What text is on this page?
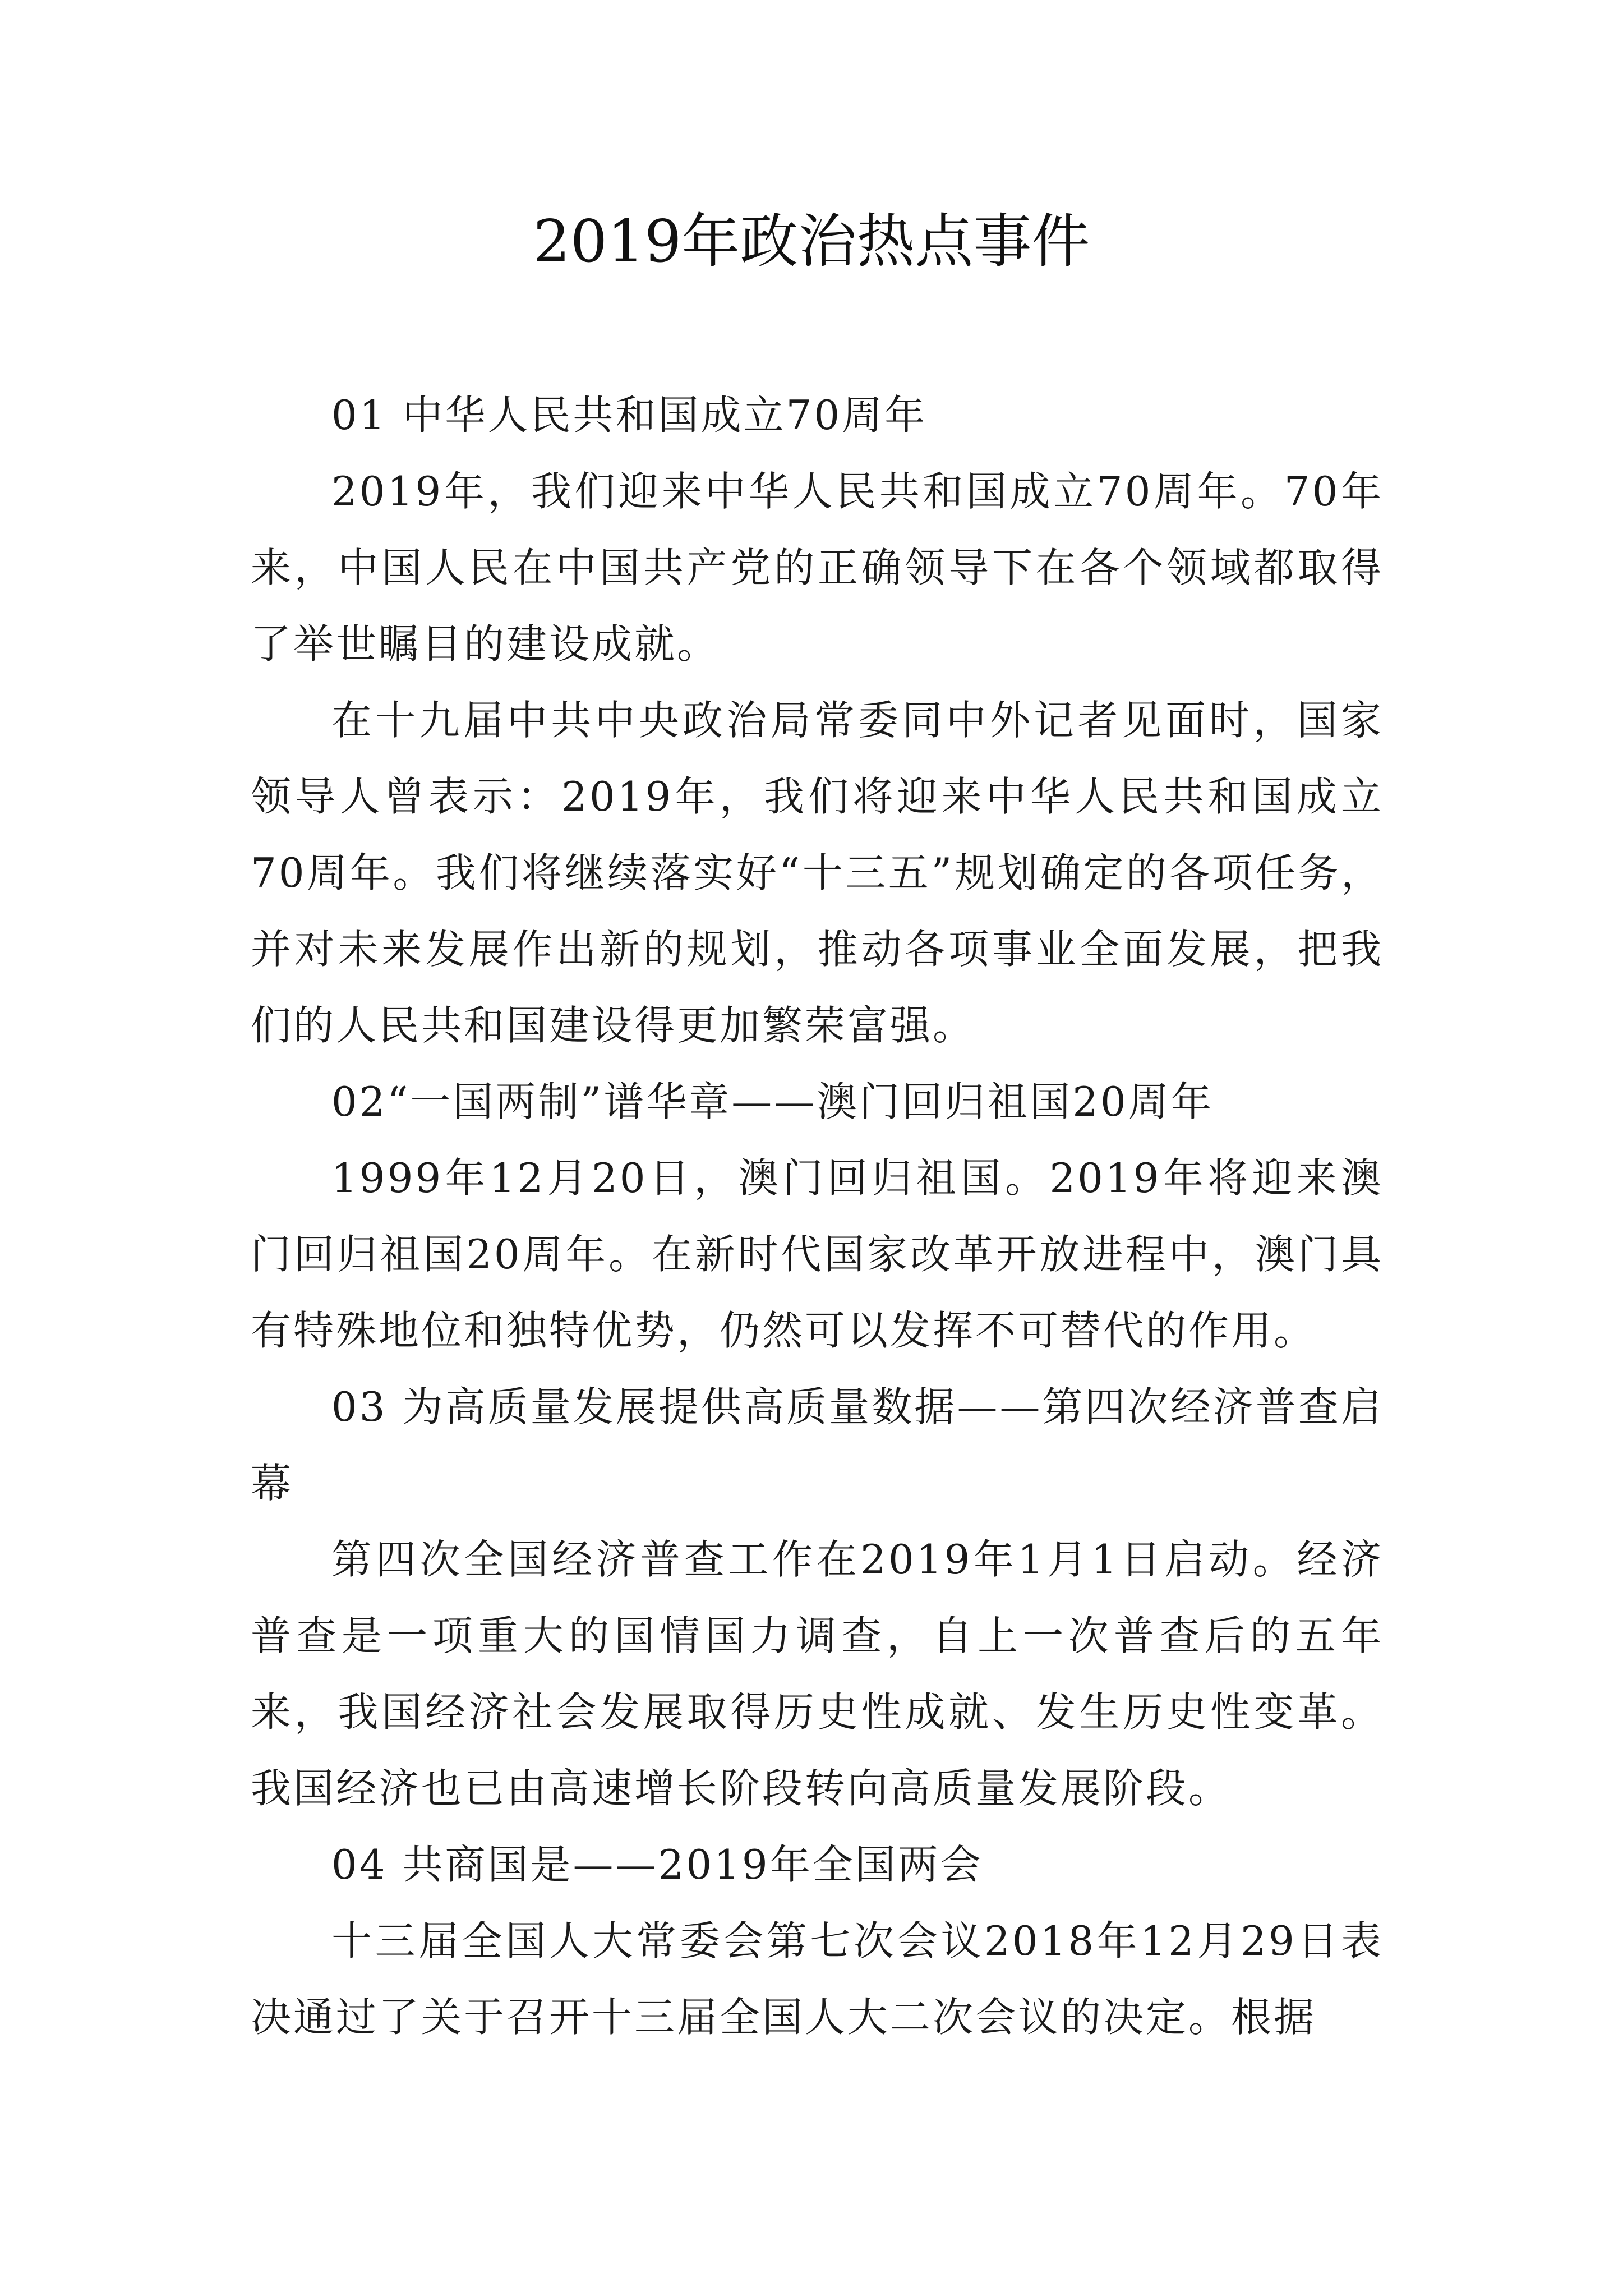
2019年政治热点事件

01 中华人民共和国成立70周年

2019年，我们迎来中华人民共和国成立70周年。70年来，中国人民在中国共产党的正确领导下在各个领域都取得了举世瞩目的建设成就。

在十九届中共中央政治局常委同中外记者见面时，国家领导人曾表示：2019年，我们将迎来中华人民共和国成立70周年。我们将继续落实好“十三五”规划确定的各项任务，并对未来发展作出新的规划，推动各项事业全面发展，把我们的人民共和国建设得更加繁荣富强。

02“一国两制”谱华章——澳门回归祖国20周年

1999年12月20日，澳门回归祖国。2019年将迎来澳门回归祖国20周年。在新时代国家改革开放进程中，澳门具有特殊地位和独特优势，仍然可以发挥不可替代的作用。

03 为高质量发展提供高质量数据——第四次经济普查启幕

第四次全国经济普查工作在2019年1月1日启动。经济普查是一项重大的国情国力调查，自上一次普查后的五年来，我国经济社会发展取得历史性成就、发生历史性变革。我国经济也已由高速增长阶段转向高质量发展阶段。

04 共商国是——2019年全国两会

十三届全国人大常委会第七次会议2018年12月29日表决通过了关于召开十三届全国人大二次会议的决定。根据
